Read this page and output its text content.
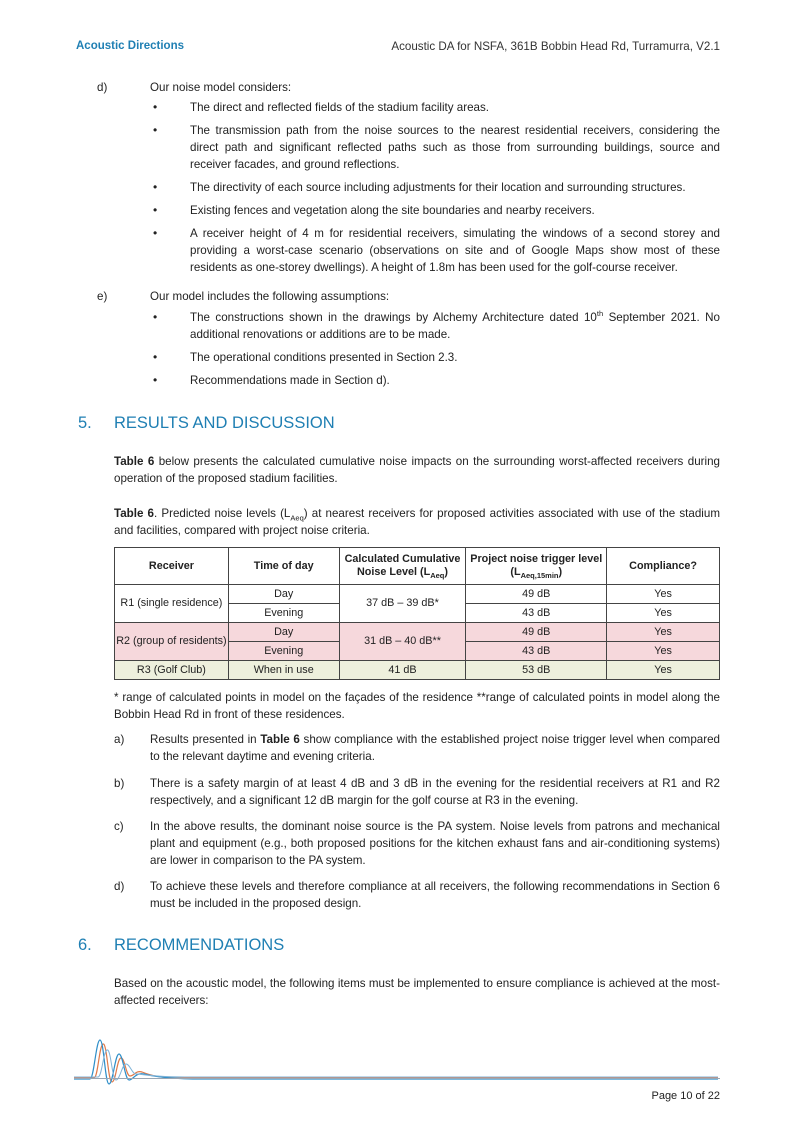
Acoustic Directions	Acoustic DA for NSFA, 361B Bobbin Head Rd, Turramurra, V2.1
d)	Our noise model considers:
•	The direct and reflected fields of the stadium facility areas.
•	The transmission path from the noise sources to the nearest residential receivers, considering the direct path and significant reflected paths such as those from surrounding buildings, source and receiver facades, and ground reflections.
•	The directivity of each source including adjustments for their location and surrounding structures.
•	Existing fences and vegetation along the site boundaries and nearby receivers.
•	A receiver height of 4 m for residential receivers, simulating the windows of a second storey and providing a worst-case scenario (observations on site and of Google Maps show most of these residents as one-storey dwellings). A height of 1.8m has been used for the golf-course receiver.
e)	Our model includes the following assumptions:
•	The constructions shown in the drawings by Alchemy Architecture dated 10th September 2021. No additional renovations or additions are to be made.
•	The operational conditions presented in Section 2.3.
•	Recommendations made in Section d).
5. RESULTS AND DISCUSSION
Table 6 below presents the calculated cumulative noise impacts on the surrounding worst-affected receivers during operation of the proposed stadium facilities.
Table 6. Predicted noise levels $(L_{Aeq})$ at nearest receivers for proposed activities associated with use of the stadium and facilities, compared with project noise criteria.
Receiver	Time of day	Calculated Cumulative Noise Level $(L_{Aeq})$	Project noise trigger level $(L_{Aeq,15min})$	Compliance?
R1 (single residence)	Day	37 dB – 39 dB*	49 dB	Yes
	Evening		43 dB	Yes
R2 (group of residents)	Day	31 dB – 40 dB**	49 dB	Yes
	Evening		43 dB	Yes
R3 (Golf Club)	When in use	41 dB	53 dB	Yes
* range of calculated points in model on the façades of the residence **range of calculated points in model along the Bobbin Head Rd in front of these residences.
a) Results presented in Table 6 show compliance with the established project noise trigger level when compared to the relevant daytime and evening criteria.
b) There is a safety margin of at least 4 dB and 3 dB in the evening for the residential receivers at R1 and R2 respectively, and a significant 12 dB margin for the golf course at R3 in the evening.
c) In the above results, the dominant noise source is the PA system. Noise levels from patrons and mechanical plant and equipment (e.g., both proposed positions for the kitchen exhaust fans and air-conditioning systems) are lower in comparison to the PA system.
d) To achieve these levels and therefore compliance at all receivers, the following recommendations in Section 6 must be included in the proposed design.
6. RECOMMENDATIONS
Based on the acoustic model, the following items must be implemented to ensure compliance is achieved at the most-affected receivers:
Page 10 of 22
